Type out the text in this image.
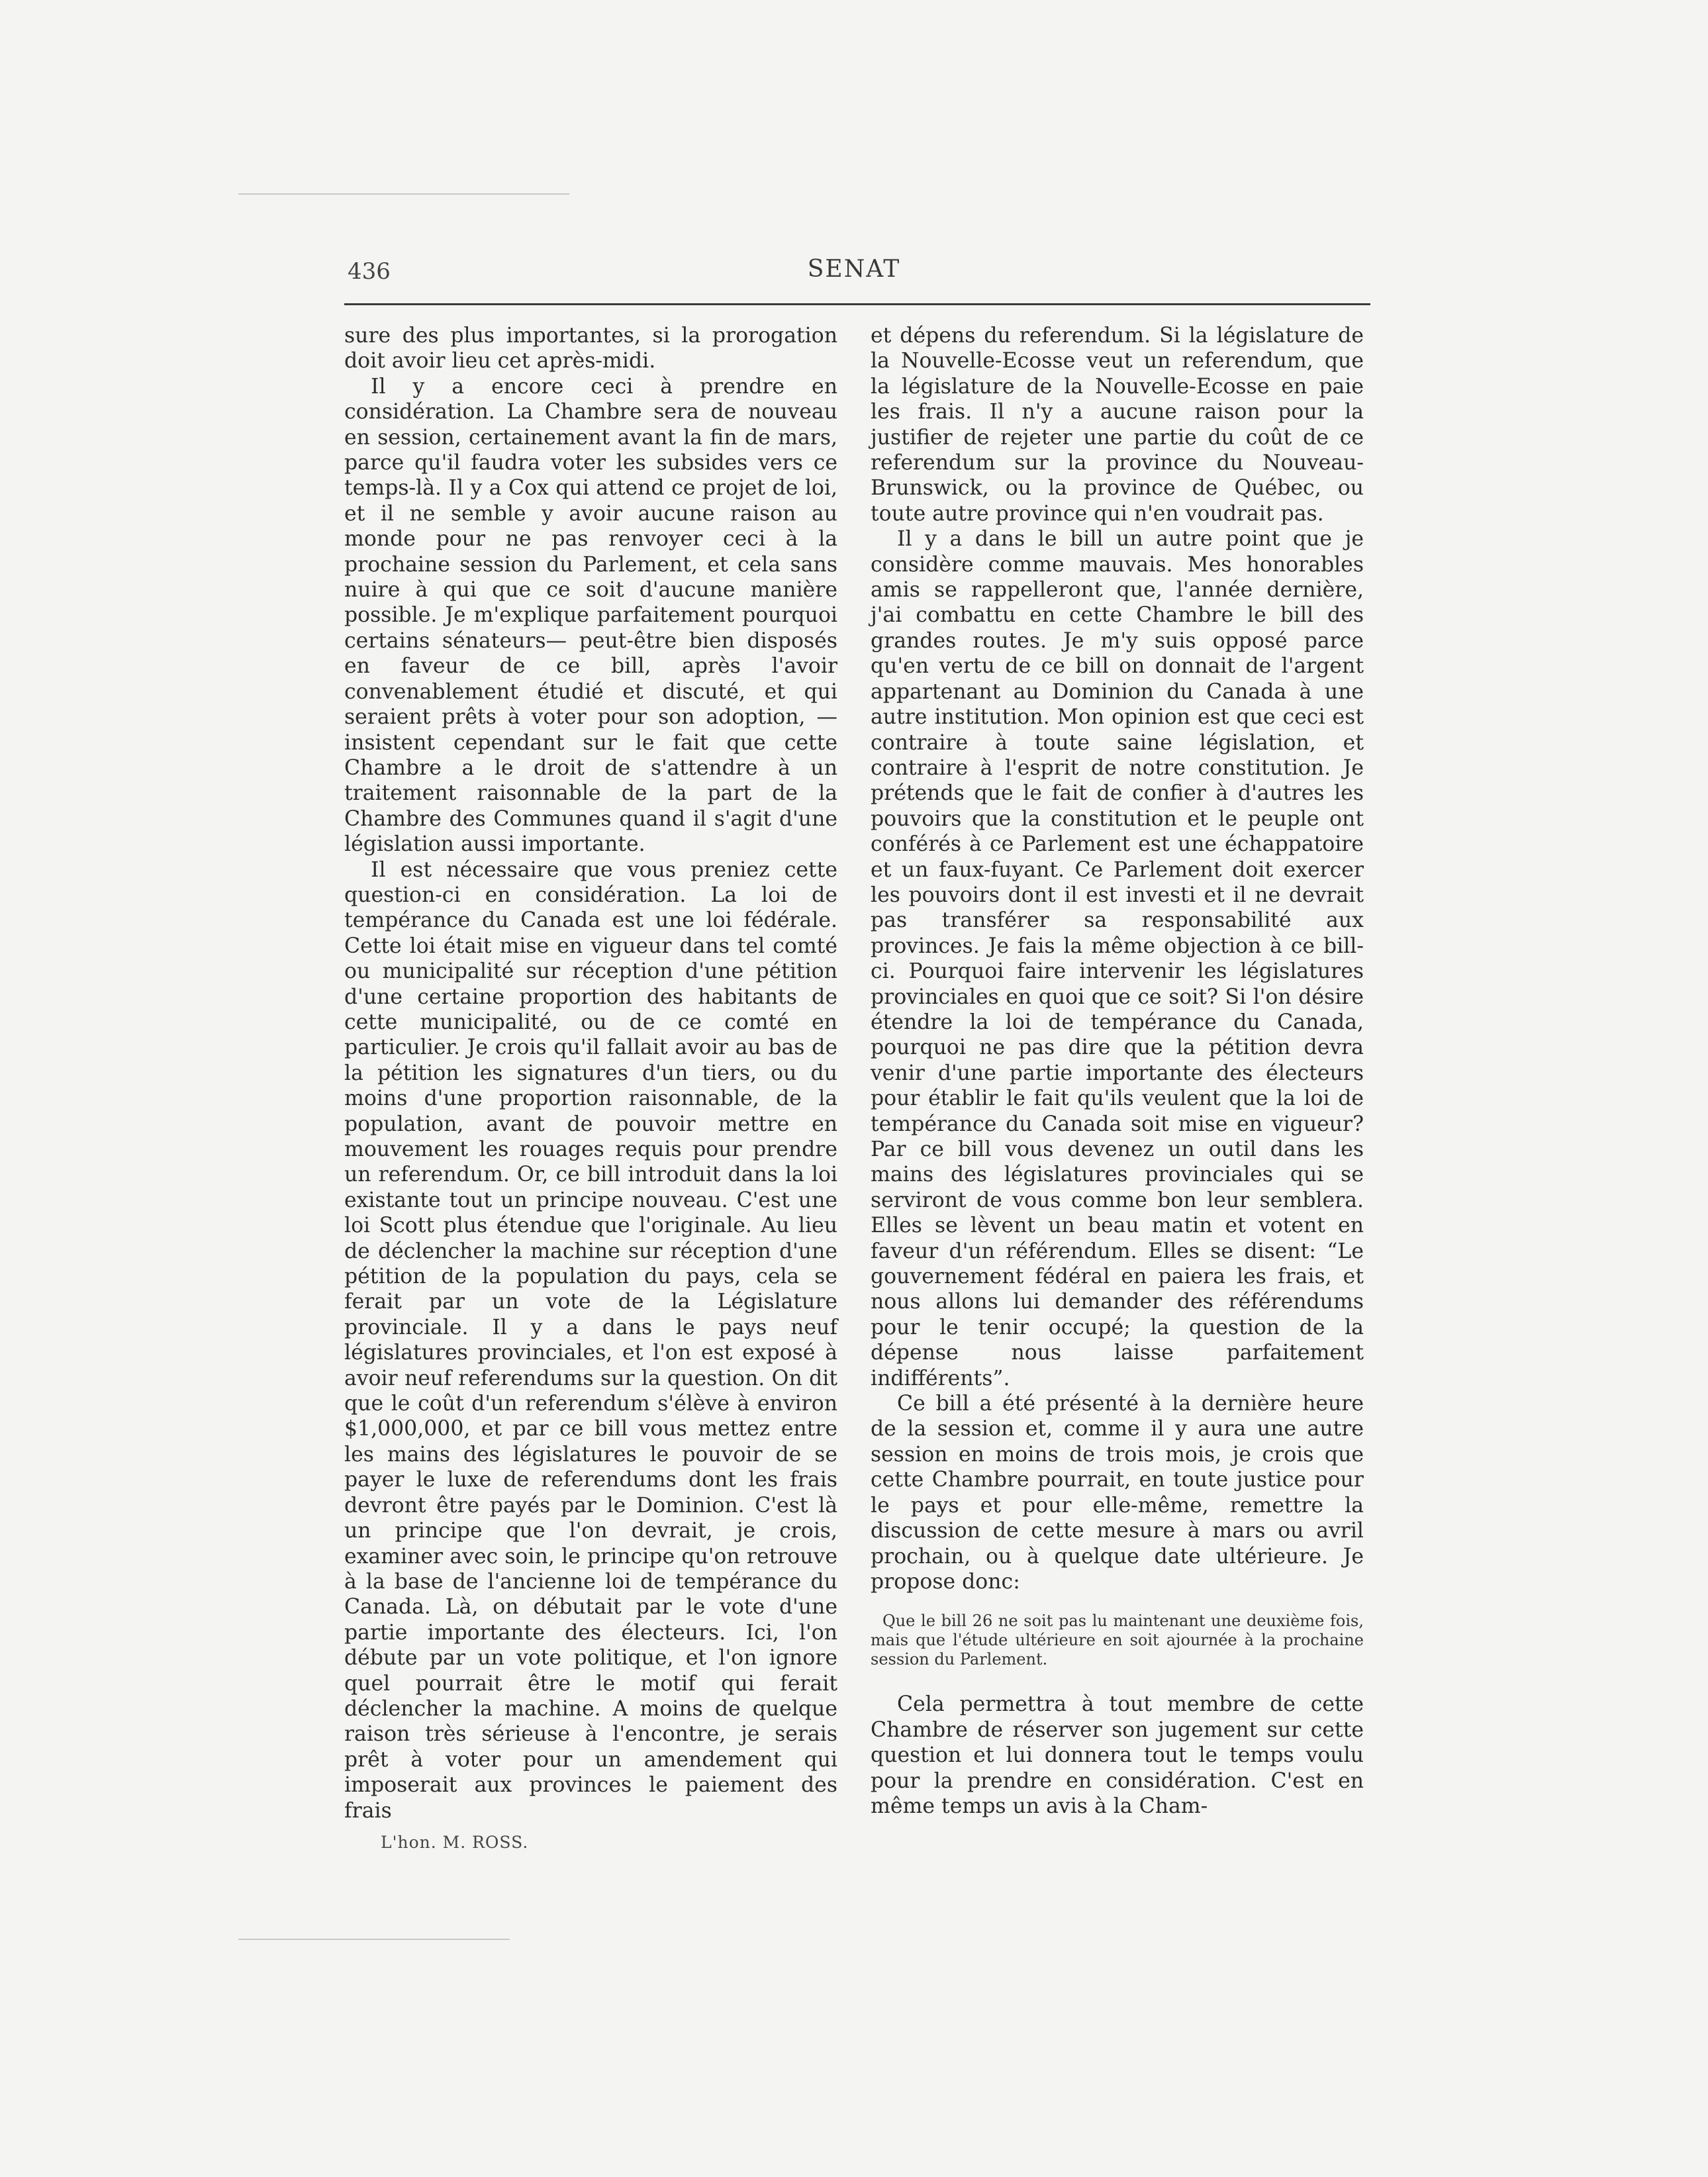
436	SENAT

sure des plus importantes, si la prorogation doit avoir lieu cet après-midi.

Il y a encore ceci à prendre en considération. La Chambre sera de nouveau en session, certainement avant la fin de mars, parce qu'il faudra voter les subsides vers ce temps-là. Il y a Cox qui attend ce projet de loi, et il ne semble y avoir aucune raison au monde pour ne pas renvoyer ceci à la prochaine session du Parlement, et cela sans nuire à qui que ce soit d'aucune manière possible. Je m'explique parfaitement pourquoi certains sénateurs— peut-être bien disposés en faveur de ce bill, après l'avoir convenablement étudié et discuté, et qui seraient prêts à voter pour son adoption, — insistent cependant sur le fait que cette Chambre a le droit de s'attendre à un traitement raisonnable de la part de la Chambre des Communes quand il s'agit d'une législation aussi importante.

Il est nécessaire que vous preniez cette question-ci en considération. La loi de tempérance du Canada est une loi fédérale. Cette loi était mise en vigueur dans tel comté ou municipalité sur réception d'une pétition d'une certaine proportion des habitants de cette municipalité, ou de ce comté en particulier. Je crois qu'il fallait avoir au bas de la pétition les signatures d'un tiers, ou du moins d'une proportion raisonnable, de la population, avant de pouvoir mettre en mouvement les rouages requis pour prendre un referendum. Or, ce bill introduit dans la loi existante tout un principe nouveau. C'est une loi Scott plus étendue que l'originale. Au lieu de déclencher la machine sur réception d'une pétition de la population du pays, cela se ferait par un vote de la Législature provinciale. Il y a dans le pays neuf législatures provinciales, et l'on est exposé à avoir neuf referendums sur la question. On dit que le coût d'un referendum s'élève à environ $1,000,000, et par ce bill vous mettez entre les mains des législatures le pouvoir de se payer le luxe de referendums dont les frais devront être payés par le Dominion. C'est là un principe que l'on devrait, je crois, examiner avec soin, le principe qu'on retrouve à la base de l'ancienne loi de tempérance du Canada. Là, on débutait par le vote d'une partie importante des électeurs. Ici, l'on débute par un vote politique, et l'on ignore quel pourrait être le motif qui ferait déclencher la machine. A moins de quelque raison très sérieuse à l'encontre, je serais prêt à voter pour un amendement qui imposerait aux provinces le paiement des frais

et dépens du referendum. Si la législature de la Nouvelle-Ecosse veut un referendum, que la législature de la Nouvelle-Ecosse en paie les frais. Il n'y a aucune raison pour la justifier de rejeter une partie du coût de ce referendum sur la province du Nouveau-Brunswick, ou la province de Québec, ou toute autre province qui n'en voudrait pas.

Il y a dans le bill un autre point que je considère comme mauvais. Mes honorables amis se rappelleront que, l'année dernière, j'ai combattu en cette Chambre le bill des grandes routes. Je m'y suis opposé parce qu'en vertu de ce bill on donnait de l'argent appartenant au Dominion du Canada à une autre institution. Mon opinion est que ceci est contraire à toute saine législation, et contraire à l'esprit de notre constitution. Je prétends que le fait de confier à d'autres les pouvoirs que la constitution et le peuple ont conférés à ce Parlement est une échappatoire et un faux-fuyant. Ce Parlement doit exercer les pouvoirs dont il est investi et il ne devrait pas transférer sa responsabilité aux provinces. Je fais la même objection à ce bill-ci. Pourquoi faire intervenir les législatures provinciales en quoi que ce soit? Si l'on désire étendre la loi de tempérance du Canada, pourquoi ne pas dire que la pétition devra venir d'une partie importante des électeurs pour établir le fait qu'ils veulent que la loi de tempérance du Canada soit mise en vigueur? Par ce bill vous devenez un outil dans les mains des législatures provinciales qui se serviront de vous comme bon leur semblera. Elles se lèvent un beau matin et votent en faveur d'un référendum. Elles se disent: “Le gouvernement fédéral en paiera les frais, et nous allons lui demander des référendums pour le tenir occupé; la question de la dépense nous laisse parfaitement indifférents”.

Ce bill a été présenté à la dernière heure de la session et, comme il y aura une autre session en moins de trois mois, je crois que cette Chambre pourrait, en toute justice pour le pays et pour elle-même, remettre la discussion de cette mesure à mars ou avril prochain, ou à quelque date ultérieure. Je propose donc:

Que le bill 26 ne soit pas lu maintenant une deuxième fois, mais que l'étude ultérieure en soit ajournée à la prochaine session du Parlement.

Cela permettra à tout membre de cette Chambre de réserver son jugement sur cette question et lui donnera tout le temps voulu pour la prendre en considération. C'est en même temps un avis à la Cham-

L'hon. M. ROSS.
